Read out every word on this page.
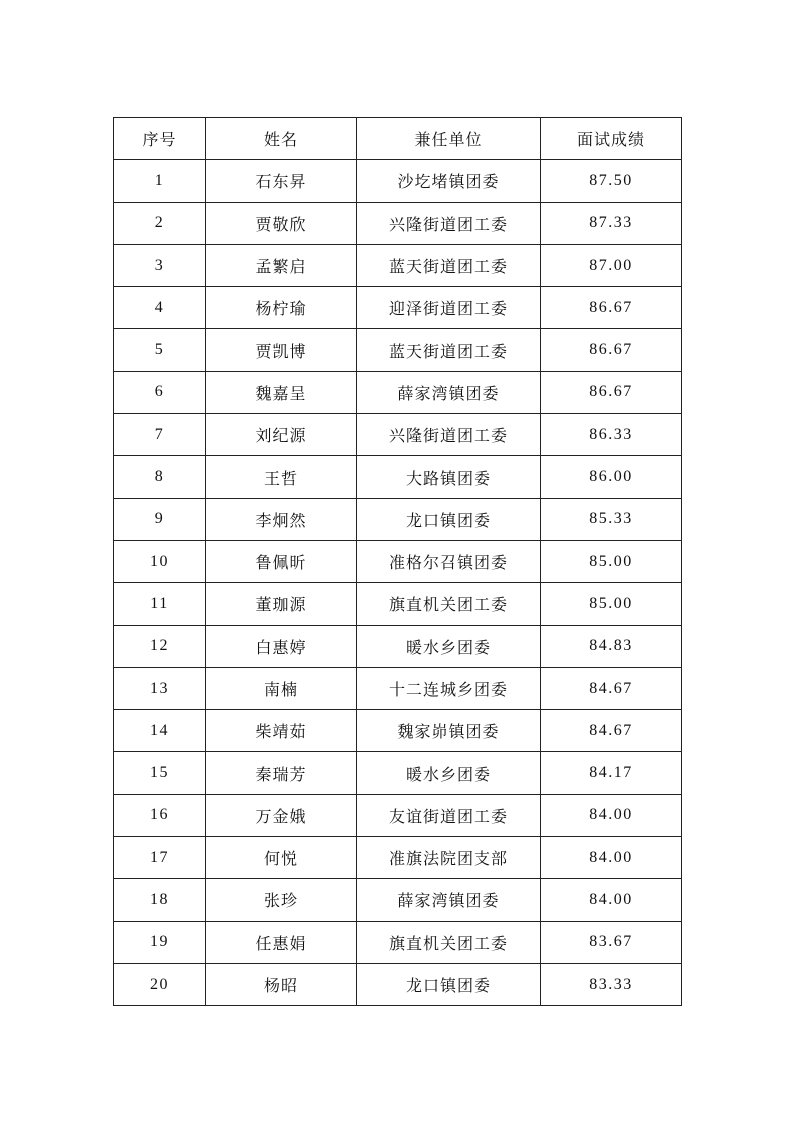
序号	姓名	兼任单位	面试成绩
1	石东昇	沙圪堵镇团委	87.50
2	贾敬欣	兴隆街道团工委	87.33
3	孟繁启	蓝天街道团工委	87.00
4	杨柠瑜	迎泽街道团工委	86.67
5	贾凯博	蓝天街道团工委	86.67
6	魏嘉呈	薛家湾镇团委	86.67
7	刘纪源	兴隆街道团工委	86.33
8	王哲	大路镇团委	86.00
9	李炯然	龙口镇团委	85.33
10	鲁佩昕	准格尔召镇团委	85.00
11	董珈源	旗直机关团工委	85.00
12	白惠婷	暖水乡团委	84.83
13	南楠	十二连城乡团委	84.67
14	柴靖茹	魏家峁镇团委	84.67
15	秦瑞芳	暖水乡团委	84.17
16	万金娥	友谊街道团工委	84.00
17	何悦	准旗法院团支部	84.00
18	张珍	薛家湾镇团委	84.00
19	任惠娟	旗直机关团工委	83.67
20	杨昭	龙口镇团委	83.33
